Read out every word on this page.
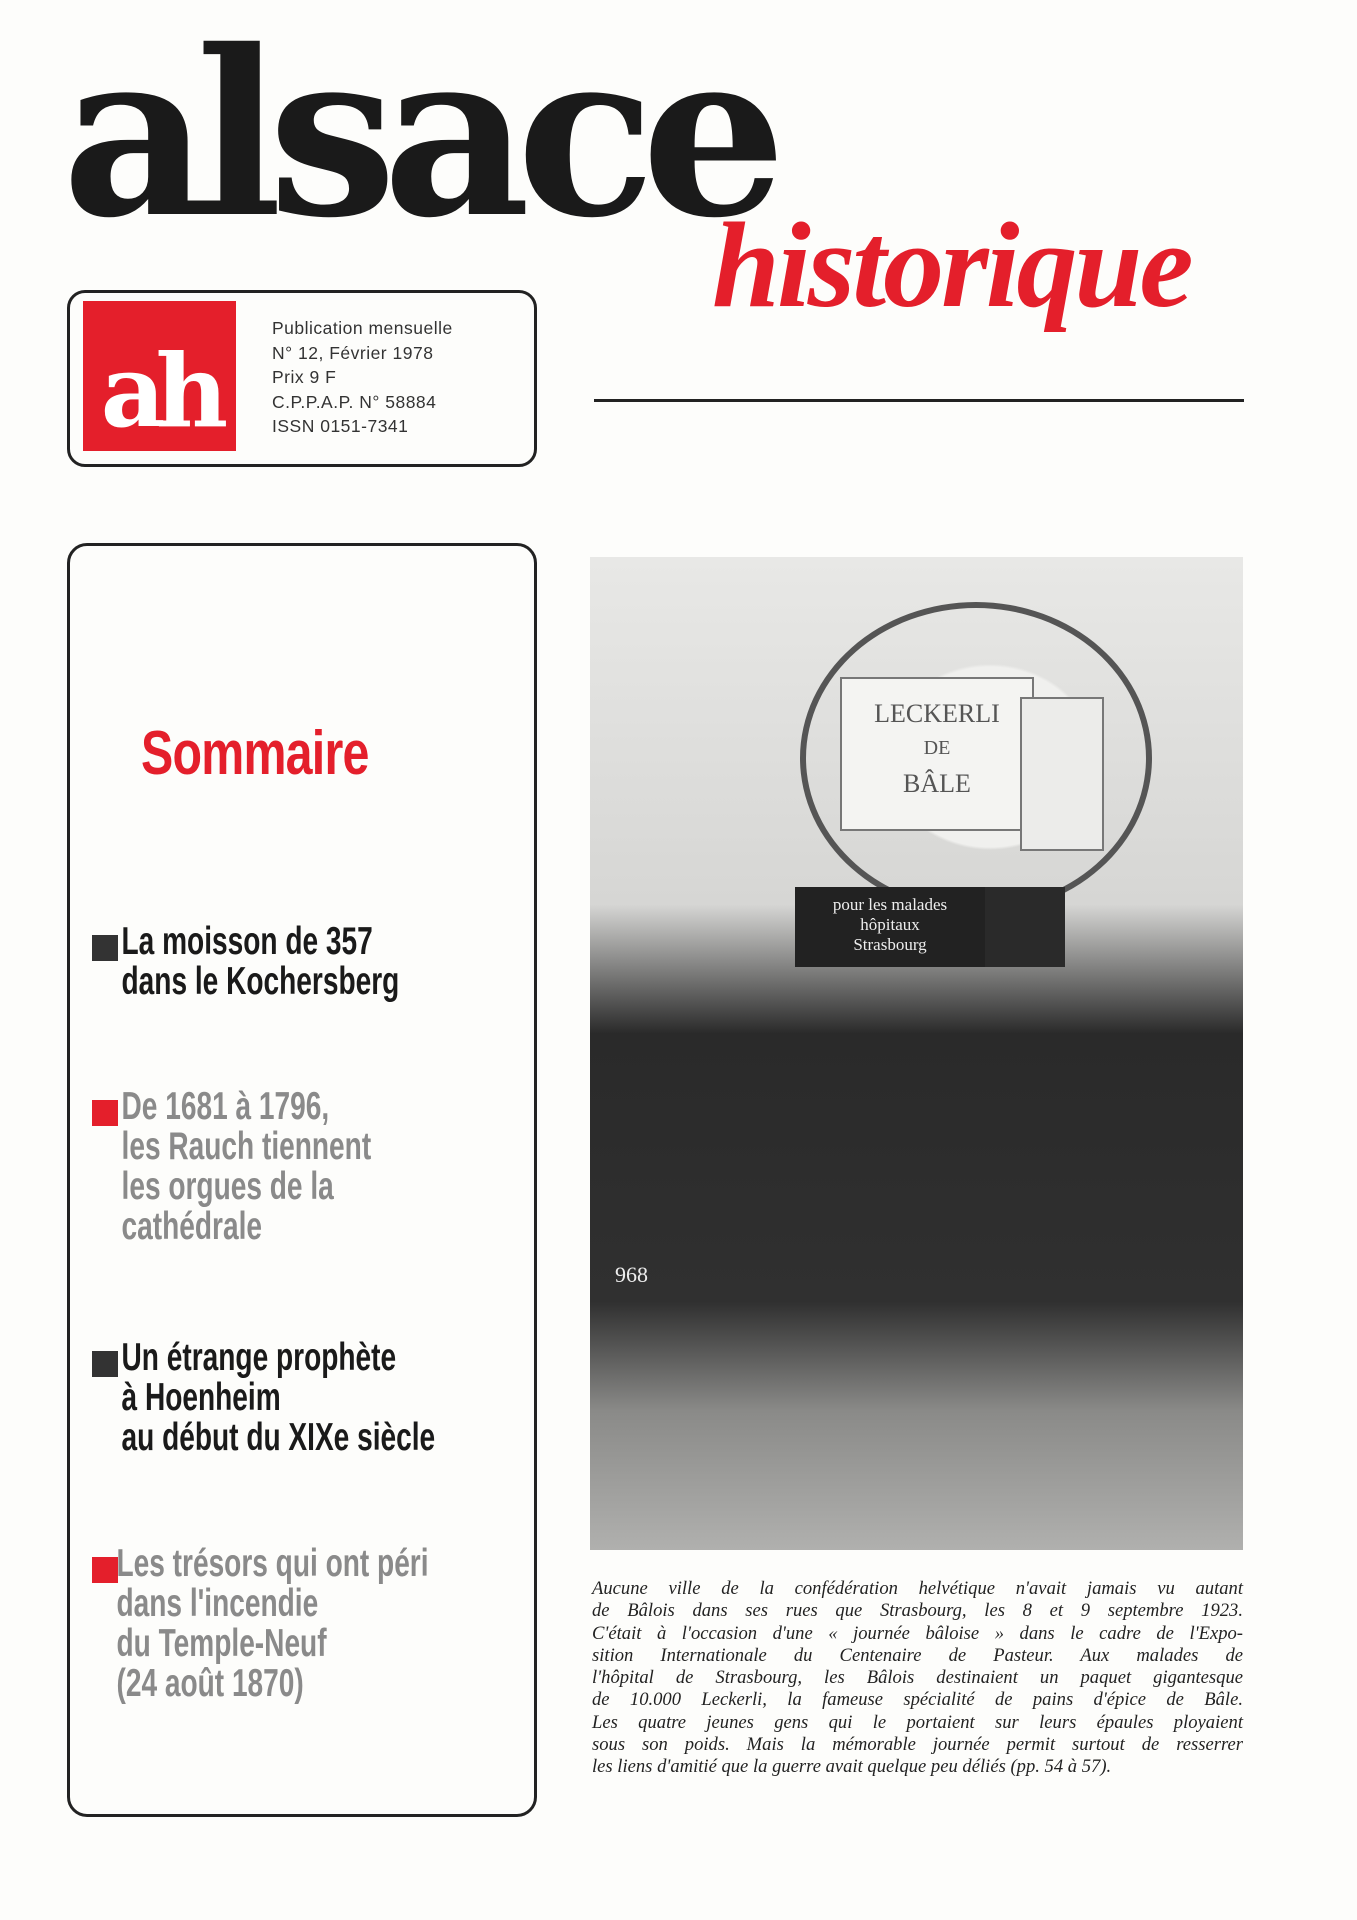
alsace
historique
ah
Publication mensuelle
N° 12, Février 1978
Prix 9 F
C.P.P.A.P. N° 58884
ISSN 0151-7341
Sommaire
La moisson de 357
dans le Kochersberg
De 1681 à 1796,
les Rauch tiennent
les orgues de la
cathédrale
Un étrange prophète
à Hoenheim
au début du XIXe siècle
Les trésors qui ont péri
dans l'incendie
du Temple-Neuf
(24 août 1870)
LECKERLI
DE
BÂLE
pour les malades
hôpitaux
Strasbourg
968
Aucune ville de la confédération helvétique n'avait jamais vu autant
de Bâlois dans ses rues que Strasbourg, les 8 et 9 septembre 1923.
C'était à l'occasion d'une « journée bâloise » dans le cadre de l'Expo-
sition Internationale du Centenaire de Pasteur. Aux malades de
l'hôpital de Strasbourg, les Bâlois destinaient un paquet gigantesque
de 10.000 Leckerli, la fameuse spécialité de pains d'épice de Bâle.
Les quatre jeunes gens qui le portaient sur leurs épaules ployaient
sous son poids. Mais la mémorable journée permit surtout de resserrer
les liens d'amitié que la guerre avait quelque peu déliés (pp. 54 à 57).
